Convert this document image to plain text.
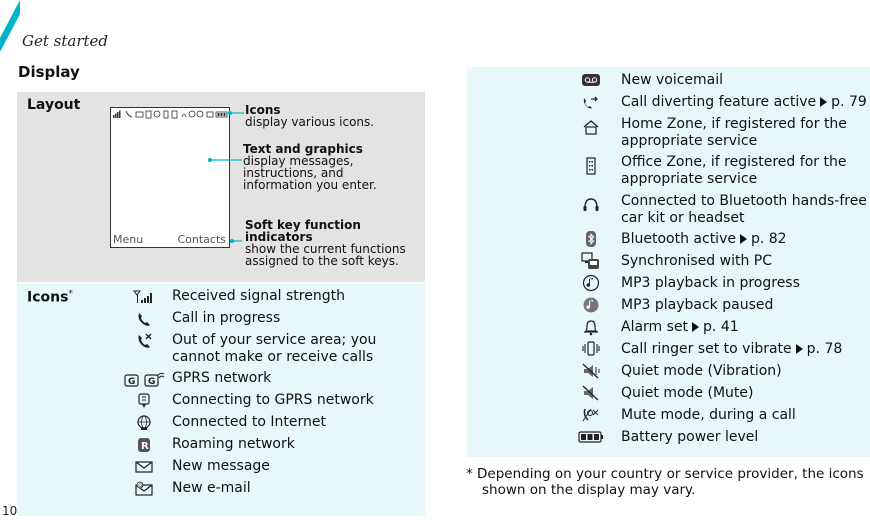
Get started
Display
10
Layout
Menu	Contacts
Icons
display various icons.
Text and graphics
display messages,
instructions, and
information you enter.
Soft key function
indicators
show the current functions
assigned to the soft keys.
Icons*	Received signal strength
Call in progress
Out of your service area; you
cannot make or receive calls
G G GPRS network
Connecting to GPRS network
Connected to Internet
R Roaming network
New message
@ New e-mail
New voicemail
Call diverting feature active p. 79
Home Zone, if registered for the
appropriate service
Office Zone, if registered for the
appropriate service
Connected to Bluetooth hands-free
car kit or headset
Bluetooth active p. 82
Synchronised with PC
MP3 playback in progress
MP3 playback paused
Alarm set p. 41
Call ringer set to vibrate p. 78
Quiet mode (Vibration)
Quiet mode (Mute)
Mute mode, during a call
Battery power level
* Depending on your country or service provider, the icons
shown on the display may vary.
